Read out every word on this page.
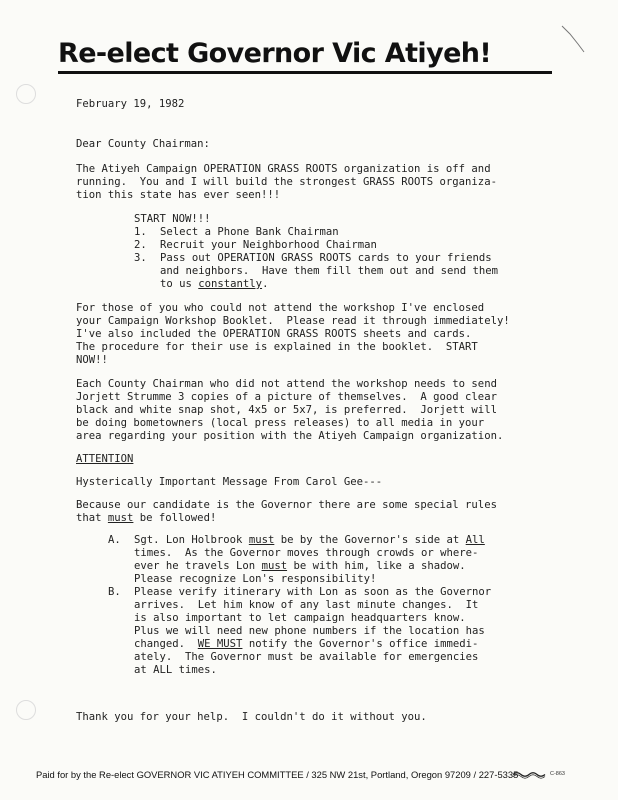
Re-elect Governor Vic Atiyeh!
February 19, 1982
Dear County Chairman:
The Atiyeh Campaign OPERATION GRASS ROOTS organization is off and
running.  You and I will build the strongest GRASS ROOTS organiza-
tion this state has ever seen!!!
START NOW!!!
1. Select a Phone Bank Chairman
2. Recruit your Neighborhood Chairman
3. Pass out OPERATION GRASS ROOTS cards to your friends
and neighbors.  Have them fill them out and send them
to us constantly.
For those of you who could not attend the workshop I've enclosed
your Campaign Workshop Booklet.  Please read it through immediately!
I've also included the OPERATION GRASS ROOTS sheets and cards.
The procedure for their use is explained in the booklet.  START
NOW!!
Each County Chairman who did not attend the workshop needs to send
Jorjett Strumme 3 copies of a picture of themselves.  A good clear
black and white snap shot, 4x5 or 5x7, is preferred.  Jorjett will
be doing bometowners (local press releases) to all media in your
area regarding your position with the Atiyeh Campaign organization.
ATTENTION
Hysterically Important Message From Carol Gee---
Because our candidate is the Governor there are some special rules
that must be followed!
A. Sgt. Lon Holbrook must be by the Governor's side at All
times.  As the Governor moves through crowds or where-
ever he travels Lon must be with him, like a shadow.
Please recognize Lon's responsibility!
B. Please verify itinerary with Lon as soon as the Governor
arrives.  Let him know of any last minute changes.  It
is also important to let campaign headquarters know.
Plus we will need new phone numbers if the location has
changed.  WE MUST notify the Governor's office immedi-
ately.  The Governor must be available for emergencies
at ALL times.
Thank you for your help.  I couldn't do it without you.
Paid for by the Re-elect GOVERNOR VIC ATIYEH COMMITTEE / 325 NW 21st, Portland, Oregon 97209 / 227-5335	C-863
